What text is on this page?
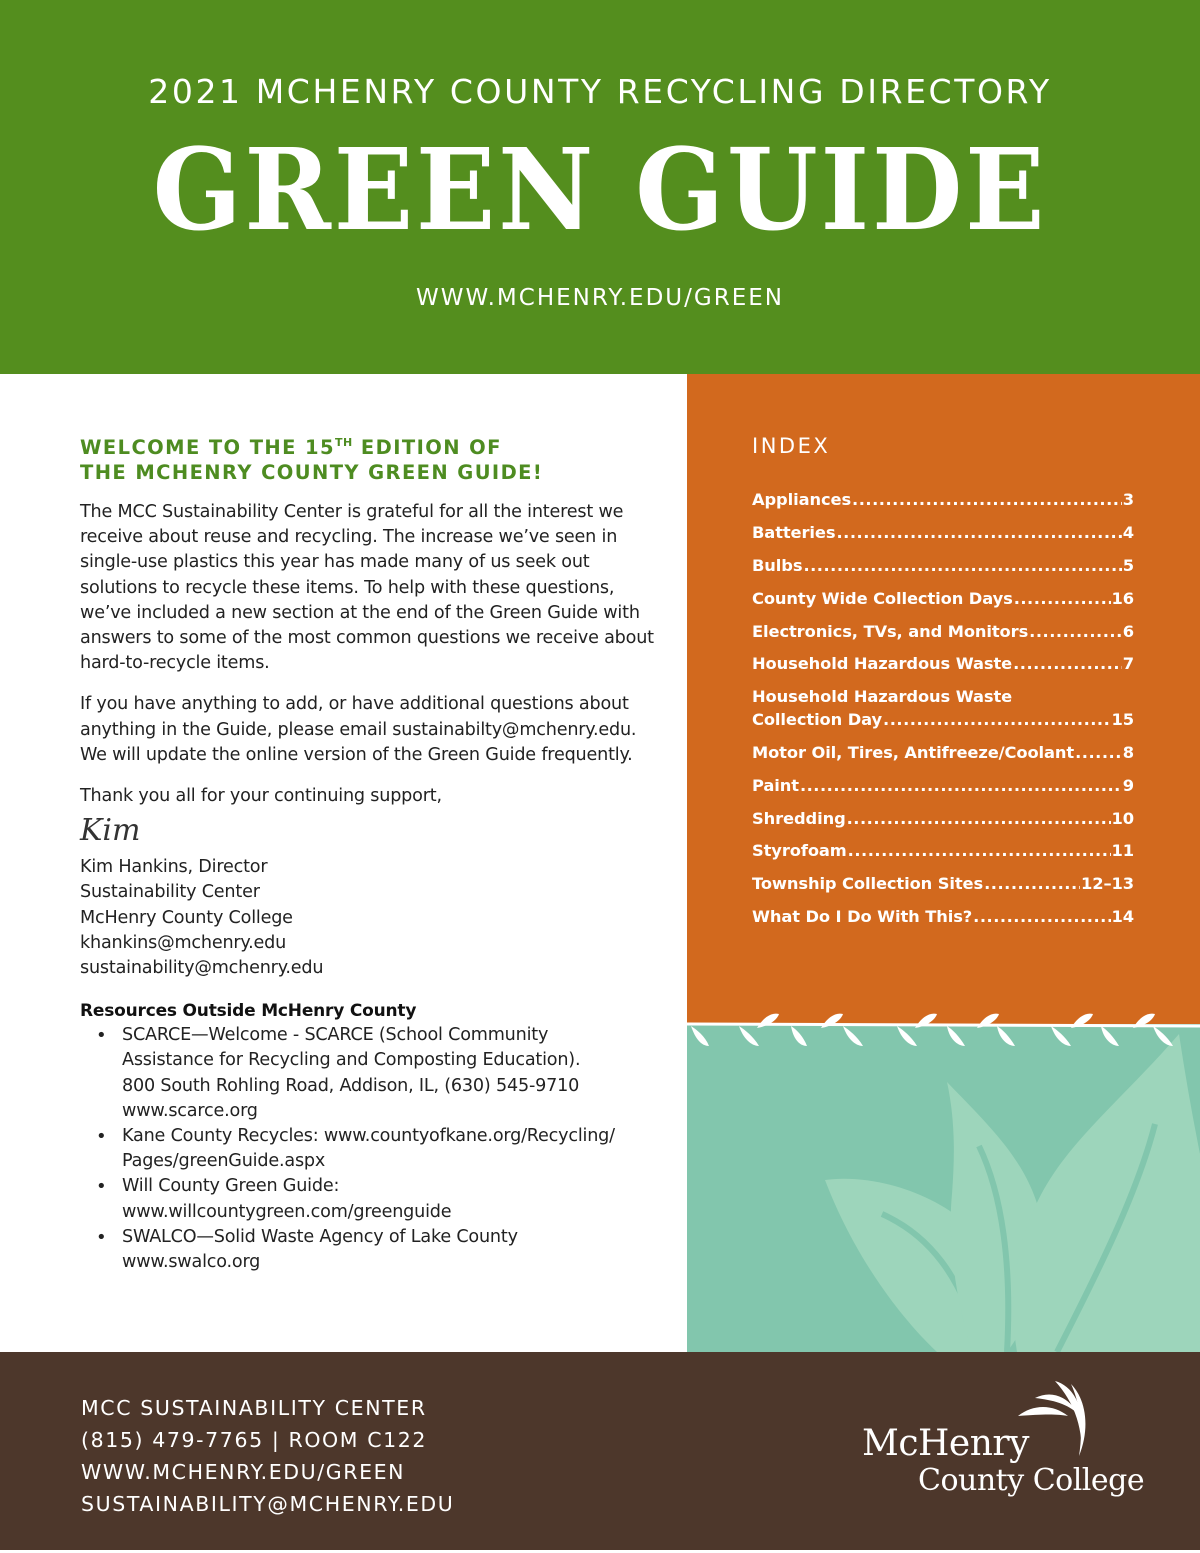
2021 MCHENRY COUNTY RECYCLING DIRECTORY
GREEN GUIDE
WWW.MCHENRY.EDU/GREEN
WELCOME TO THE 15TH EDITION OF
THE MCHENRY COUNTY GREEN GUIDE!

The MCC Sustainability Center is grateful for all the interest we receive about reuse and recycling. The increase we’ve seen in single-use plastics this year has made many of us seek out solutions to recycle these items. To help with these questions, we’ve included a new section at the end of the Green Guide with answers to some of the most common questions we receive about hard-to-recycle items.

If you have anything to add, or have additional questions about anything in the Guide, please email sustainabilty@mchenry.edu. We will update the online version of the Green Guide frequently.

Thank you all for your continuing support,

Kim
Kim Hankins, Director
Sustainability Center
McHenry County College
khankins@mchenry.edu
sustainability@mchenry.edu
Resources Outside McHenry County
• SCARCE—Welcome - SCARCE (School Community
Assistance for Recycling and Composting Education).
800 South Rohling Road, Addison, IL, (630) 545-9710
www.scarce.org
• Kane County Recycles: www.countyofkane.org/Recycling/
Pages/greenGuide.aspx
• Will County Green Guide:
www.willcountygreen.com/greenguide
• SWALCO—Solid Waste Agency of Lake County
www.swalco.org
INDEX
Appliances .....	3
Batteries .....	4
Bulbs .....	5
County Wide Collection Days .....	16
Electronics, TVs, and Monitors .....	6
Household Hazardous Waste .....	7
Household Hazardous Waste
Collection Day .....	15
Motor Oil, Tires, Antifreeze/Coolant .....	8
Paint .....	9
Shredding .....	10
Styrofoam .....	11
Township Collection Sites .....	12–13
What Do I Do With This? .....	14
MCC SUSTAINABILITY CENTER
(815) 479-7765 | ROOM C122
WWW.MCHENRY.EDU/GREEN
SUSTAINABILITY@MCHENRY.EDU
McHenry
County College
